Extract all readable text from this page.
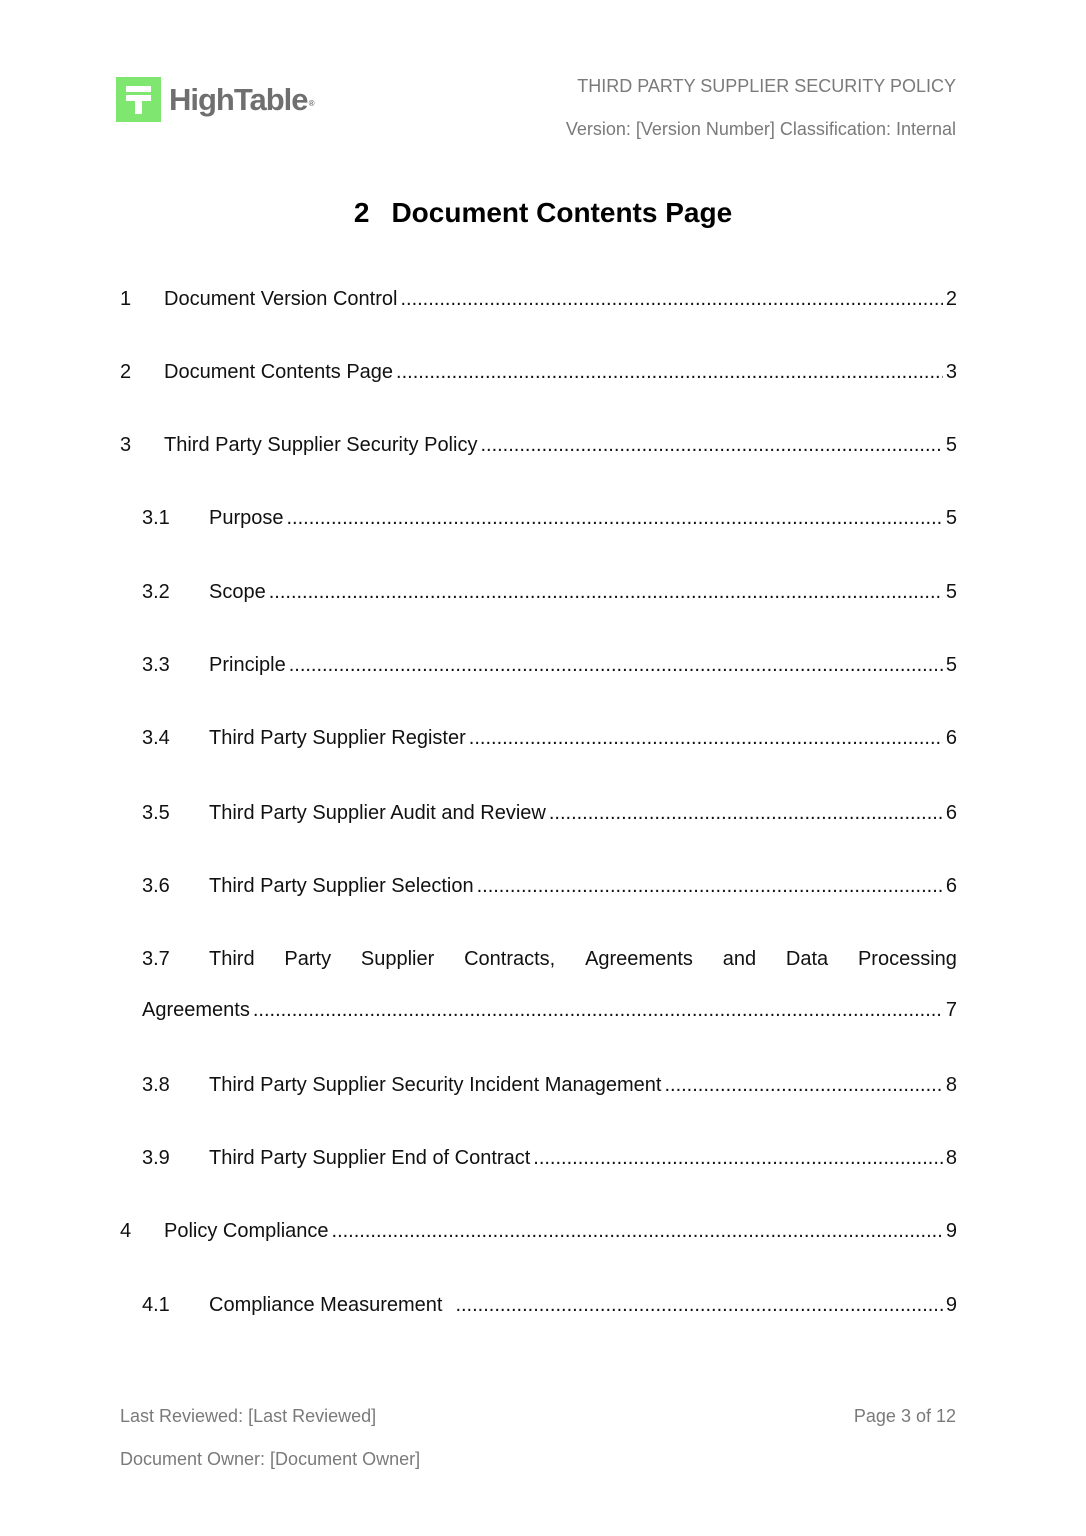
HighTable ®
THIRD PARTY SUPPLIER SECURITY POLICY
Version: [Version Number] Classification: Internal
2 Document Contents Page
1	Document Version Control .....	2
2	Document Contents Page .....	3
3	Third Party Supplier Security Policy .....	5
3.1	Purpose .....	5
3.2	Scope .....	5
3.3	Principle .....	5
3.4	Third Party Supplier Register .....	6
3.5	Third Party Supplier Audit and Review .....	6
3.6	Third Party Supplier Selection .....	6
3.7	Third Party Supplier Contracts, Agreements and Data Processing
Agreements .....	7
3.8	Third Party Supplier Security Incident Management .....	8
3.9	Third Party Supplier End of Contract .....	8
4	Policy Compliance .....	9
4.1	Compliance Measurement .....	9
Last Reviewed: [Last Reviewed]
Document Owner: [Document Owner]
Page 3 of 12
